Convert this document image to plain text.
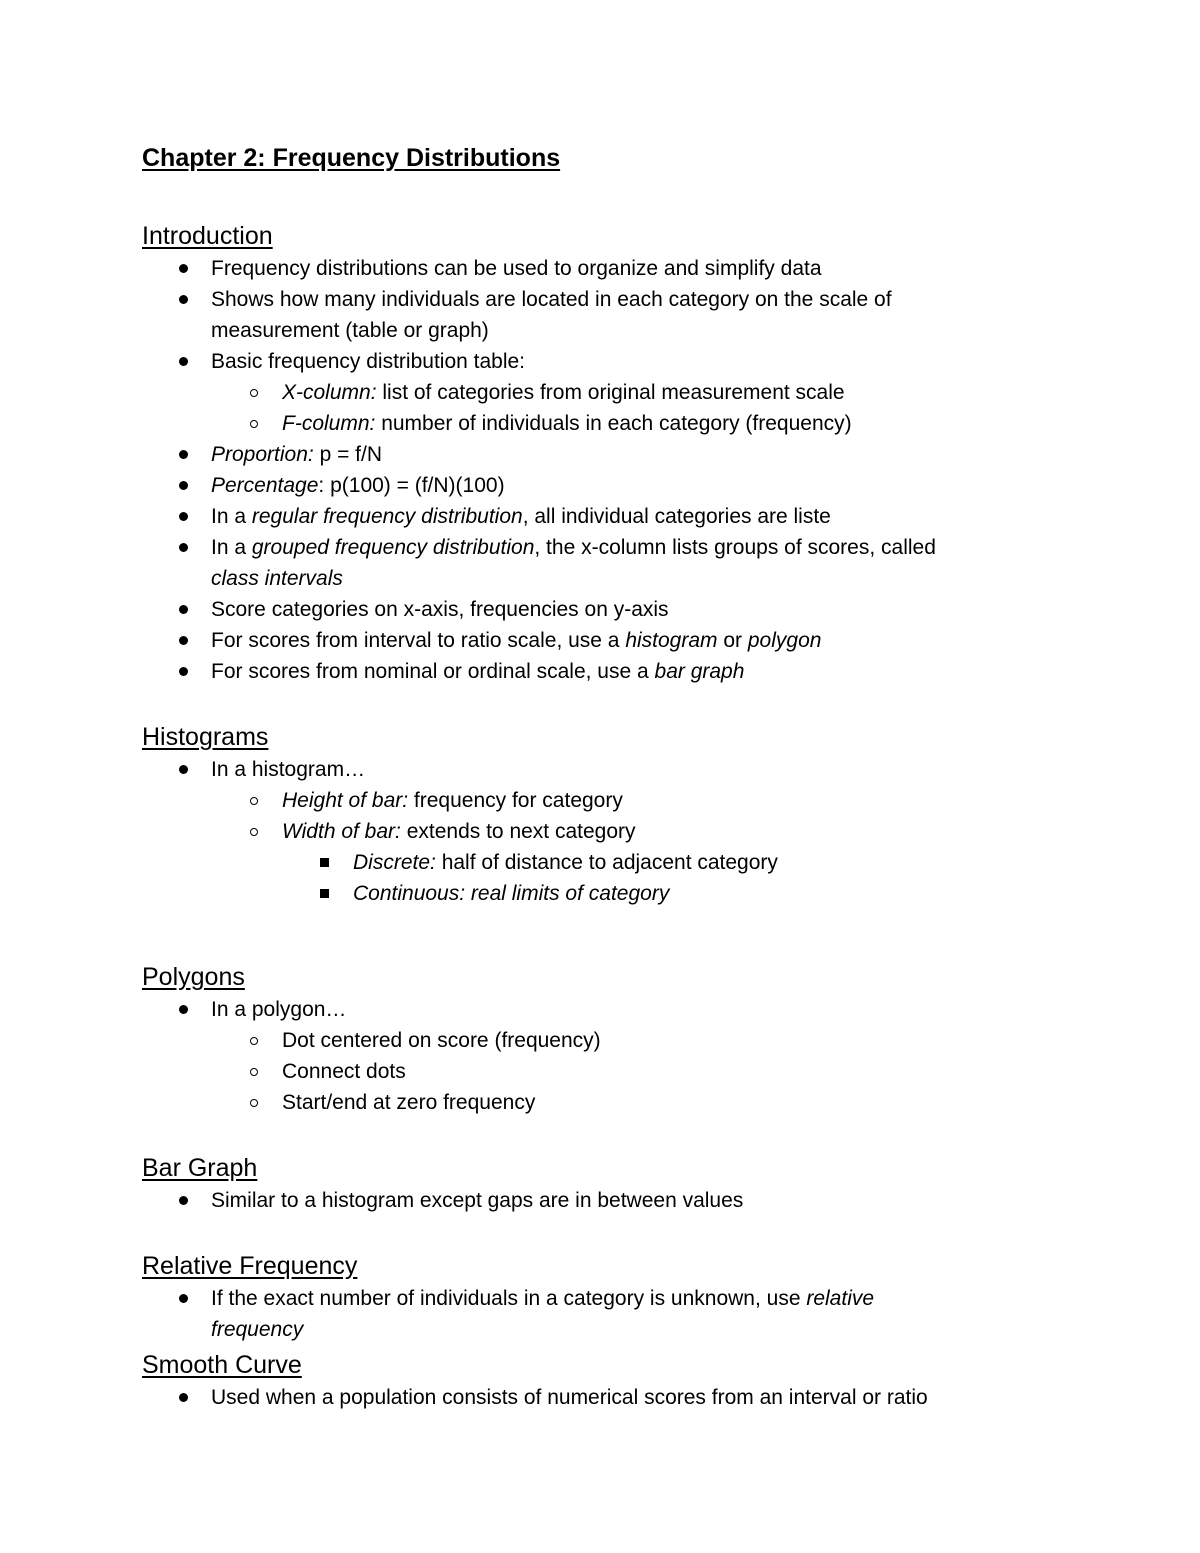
Chapter 2: Frequency Distributions
Introduction
Frequency distributions can be used to organize and simplify data
Shows how many individuals are located in each category on the scale of
measurement (table or graph)
Basic frequency distribution table:
X-column: list of categories from original measurement scale
F-column: number of individuals in each category (frequency)
Proportion: p = f/N
Percentage: p(100) = (f/N)(100)
In a regular frequency distribution, all individual categories are liste
In a grouped frequency distribution, the x-column lists groups of scores, called
class intervals
Score categories on x-axis, frequencies on y-axis
For scores from interval to ratio scale, use a histogram or polygon
For scores from nominal or ordinal scale, use a bar graph
Histograms
In a histogram…
Height of bar: frequency for category
Width of bar: extends to next category
Discrete: half of distance to adjacent category
Continuous: real limits of category
Polygons
In a polygon…
Dot centered on score (frequency)
Connect dots
Start/end at zero frequency
Bar Graph
Similar to a histogram except gaps are in between values
Relative Frequency
If the exact number of individuals in a category is unknown, use relative
frequency
Smooth Curve
Used when a population consists of numerical scores from an interval or ratio
